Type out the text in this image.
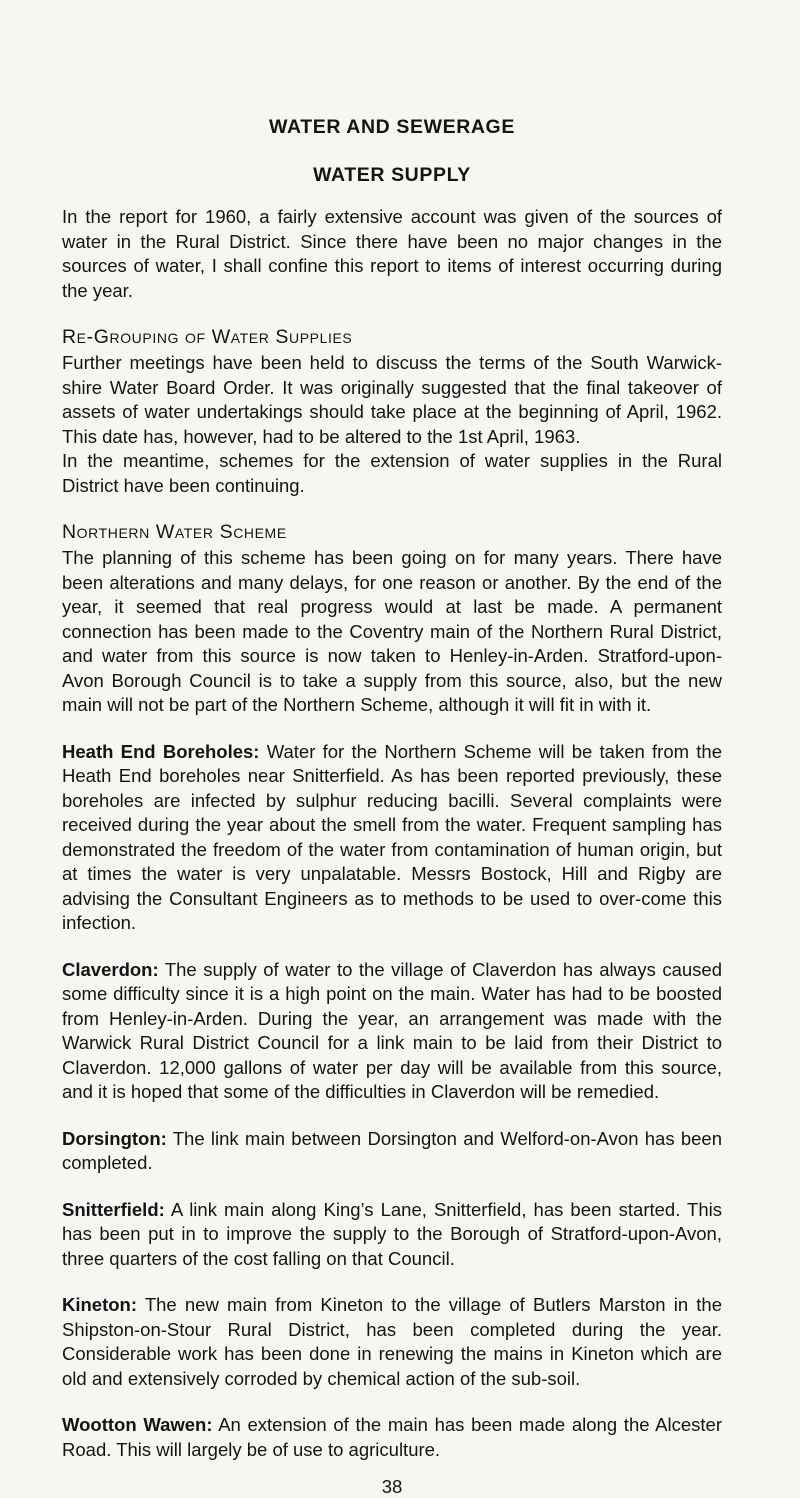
WATER AND SEWERAGE
WATER SUPPLY

In the report for 1960, a fairly extensive account was given of the sources of water in the Rural District. Since there have been no major changes in the sources of water, I shall confine this report to items of interest occurring during the year.

Re-Grouping of Water Supplies

Further meetings have been held to discuss the terms of the South Warwick-shire Water Board Order. It was originally suggested that the final takeover of assets of water undertakings should take place at the beginning of April, 1962. This date has, however, had to be altered to the 1st April, 1963.

In the meantime, schemes for the extension of water supplies in the Rural District have been continuing.

Northern Water Scheme

The planning of this scheme has been going on for many years. There have been alterations and many delays, for one reason or another. By the end of the year, it seemed that real progress would at last be made. A permanent connection has been made to the Coventry main of the Northern Rural District, and water from this source is now taken to Henley-in-Arden. Stratford-upon-Avon Borough Council is to take a supply from this source, also, but the new main will not be part of the Northern Scheme, although it will fit in with it.

Heath End Boreholes: Water for the Northern Scheme will be taken from the Heath End boreholes near Snitterfield. As has been reported previously, these boreholes are infected by sulphur reducing bacilli. Several complaints were received during the year about the smell from the water. Frequent sampling has demonstrated the freedom of the water from contamination of human origin, but at times the water is very unpalatable. Messrs Bostock, Hill and Rigby are advising the Consultant Engineers as to methods to be used to over-come this infection.

Claverdon: The supply of water to the village of Claverdon has always caused some difficulty since it is a high point on the main. Water has had to be boosted from Henley-in-Arden. During the year, an arrangement was made with the Warwick Rural District Council for a link main to be laid from their District to Claverdon. 12,000 gallons of water per day will be available from this source, and it is hoped that some of the difficulties in Claverdon will be remedied.

Dorsington: The link main between Dorsington and Welford-on-Avon has been completed.

Snitterfield: A link main along King’s Lane, Snitterfield, has been started. This has been put in to improve the supply to the Borough of Stratford-upon-Avon, three quarters of the cost falling on that Council.

Kineton: The new main from Kineton to the village of Butlers Marston in the Shipston-on-Stour Rural District, has been completed during the year. Considerable work has been done in renewing the mains in Kineton which are old and extensively corroded by chemical action of the sub-soil.

Wootton Wawen: An extension of the main has been made along the Alcester Road. This will largely be of use to agriculture.

38
